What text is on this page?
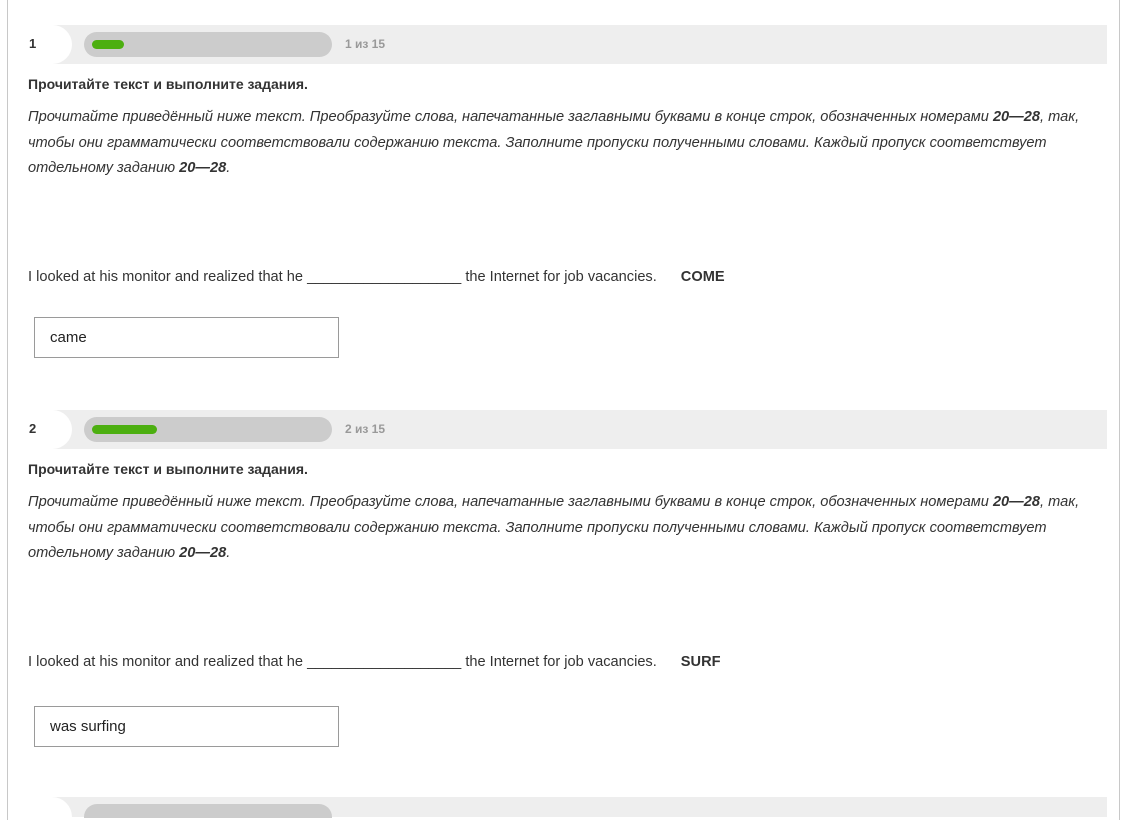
1	1 из 15
Прочитайте текст и выполните задания.
Прочитайте приведённый ниже текст. Преобразуйте слова, напечатанные заглавными буквами в конце строк, обозначенных номерами 20—28, так, чтобы они грамматически соответствовали содержанию текста. Заполните пропуски полученными словами. Каждый пропуск соответствует отдельному заданию 20—28.
I looked at his monitor and realized that he ___________________ the Internet for job vacancies. COME
came
2	2 из 15
Прочитайте текст и выполните задания.
Прочитайте приведённый ниже текст. Преобразуйте слова, напечатанные заглавными буквами в конце строк, обозначенных номерами 20—28, так, чтобы они грамматически соответствовали содержанию текста. Заполните пропуски полученными словами. Каждый пропуск соответствует отдельному заданию 20—28.
I looked at his monitor and realized that he ___________________ the Internet for job vacancies. SURF
was surfing
